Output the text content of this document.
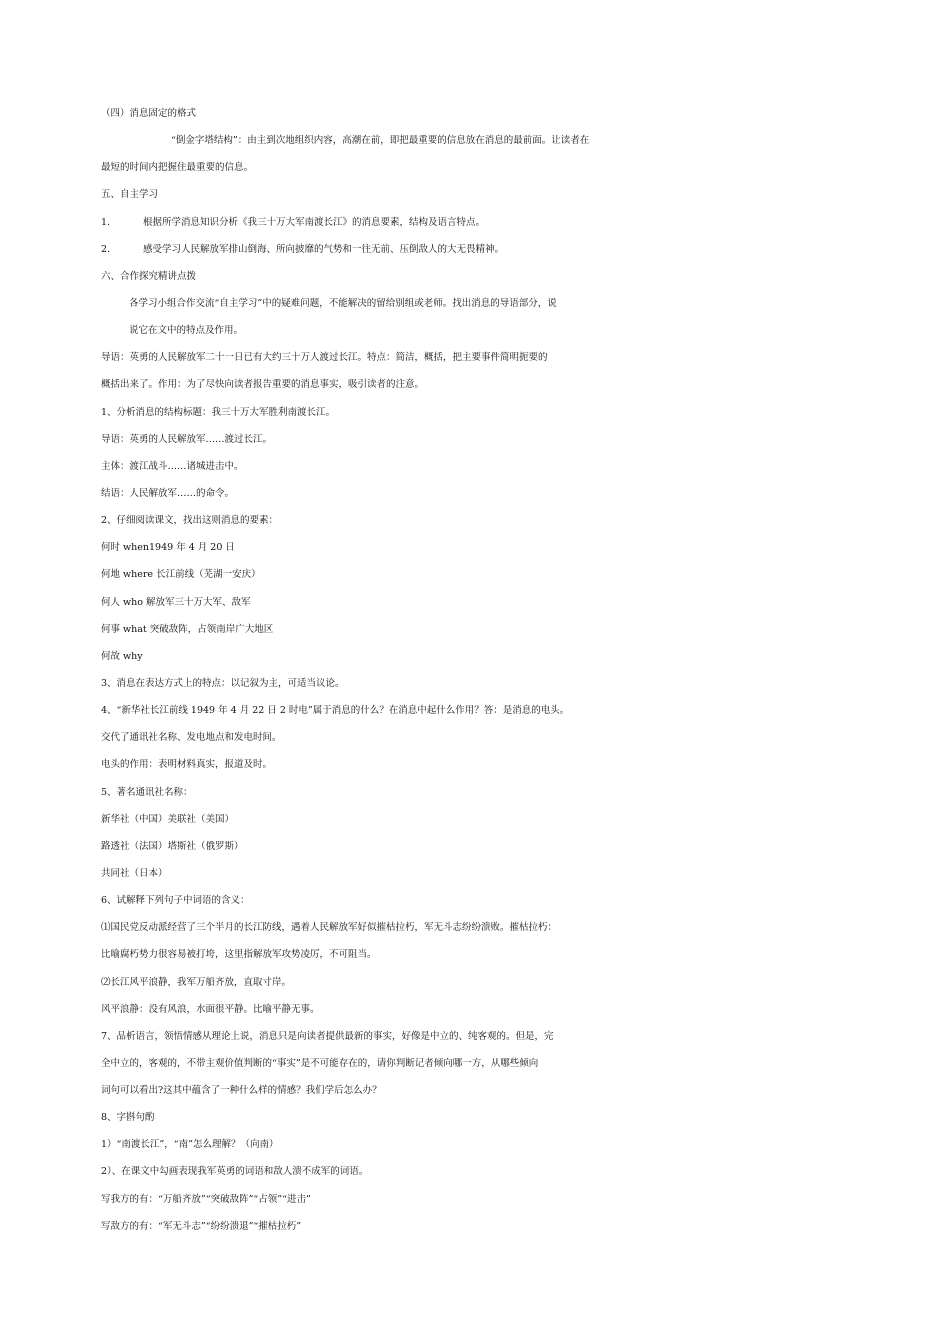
（四）消息固定的格式
“倒金字塔结构”：由主到次地组织内容，高潮在前，即把最重要的信息放在消息的最前面。让读者在
最短的时间内把握住最重要的信息。
五、自主学习
1.	根据所学消息知识分析《我三十万大军南渡长江》的消息要素，结构及语言特点。
2.	感受学习人民解放军排山倒海、所向披靡的气势和一往无前、压倒敌人的大无畏精神。
六、合作探究精讲点拨
各学习小组合作交流“自主学习”中的疑难问题，不能解决的留给别组或老师。找出消息的导语部分，说
说它在文中的特点及作用。
导语：英勇的人民解放军二十一日已有大约三十万人渡过长江。特点：简洁，概括，把主要事件简明扼要的
概括出来了。作用：为了尽快向读者报告重要的消息事实，吸引读者的注意。
1、分析消息的结构标题：我三十万大军胜利南渡长江。
导语：英勇的人民解放军……渡过长江。
主体：渡江战斗……诸城进击中。
结语：人民解放军……的命令。
2、仔细阅读课文，找出这则消息的要素：
何时 when1949 年 4 月 20 日
何地 where 长江前线（芜湖一安庆）
何人 who 解放军三十万大军、敌军
何事 what 突破敌阵，占领南岸广大地区
何故 why
3、消息在表达方式上的特点：以记叙为主，可适当议论。
4、“新华社长江前线 1949 年 4 月 22 日 2 时电”属于消息的什么？在消息中起什么作用？答：是消息的电头。
交代了通讯社名称、发电地点和发电时间。
电头的作用：表明材料真实，报道及时。
5、著名通讯社名称：
新华社（中国）美联社（美国）
路透社（法国）塔斯社（俄罗斯）
共同社（日本）
6、试解释下列句子中词语的含义：
⑴国民党反动派经营了三个半月的长江防线，遇着人民解放军好似摧枯拉朽，军无斗志纷纷溃败。摧枯拉朽：
比喻腐朽势力很容易被打垮，这里指解放军攻势凌厉，不可阻当。
⑵长江风平浪静，我军万船齐放，直取寸岸。
风平浪静：没有风浪，水面很平静。比喻平静无事。
7、品析语言，领悟情感从理论上说，消息只是向读者提供最新的事实，好像是中立的、纯客观的。但是，完
全中立的，客观的，不带主观价值判断的“事实”是不可能存在的，请你判断记者倾向哪一方，从哪些倾向
词句可以看出?这其中蕴含了一种什么样的情感？我们学后怎么办？
8、字斟句酌
1）“南渡长江”，“南”怎么理解？（向南）
2）、在课文中勾画表现我军英勇的词语和敌人溃不成军的词语。
写我方的有：“万船齐放”“突破敌阵”“占领”“进击”
写敌方的有：“军无斗志”“纷纷溃退”“摧枯拉朽”
